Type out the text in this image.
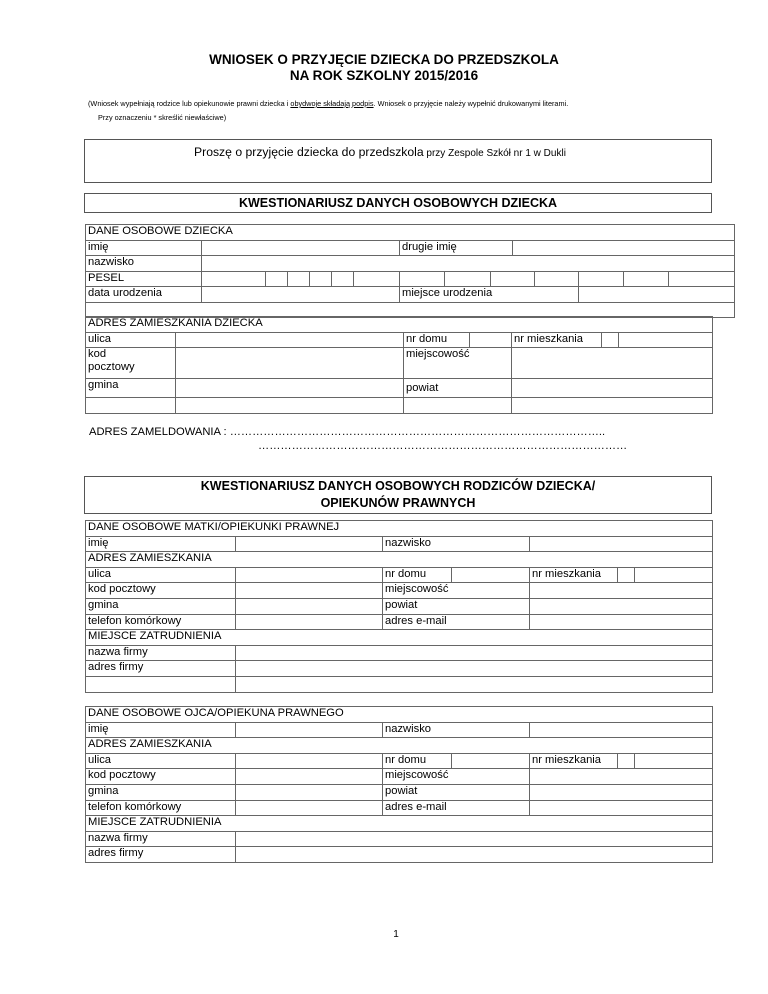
WNIOSEK O PRZYJĘCIE DZIECKA DO PRZEDSZKOLA
NA ROK SZKOLNY 2015/2016
(Wniosek wypełniają rodzice lub opiekunowie prawni dziecka i obydwoje składają podpis. Wniosek o przyjęcie należy wypełnić drukowanymi literami.
Przy oznaczeniu * skreślić niewłaściwe)
Proszę o przyjęcie dziecka do przedszkola przy Zespole Szkół nr 1 w Dukli
KWESTIONARIUSZ DANYCH OSOBOWYCH DZIECKA
DANE OSOBOWE DZIECKA														
imię							drugie imię							
nazwisko														
PESEL														
data urodzenia							miejsce urodzenia							

ADRES ZAMIESZKANIA DZIECKA						
ulica		nr domu		nr mieszkania		
kod
pocztowy		miejscowość				
gmina		powiat				

ADRES ZAMELDOWANIA : ………………………………………………………………………………………..
………………………………………………………………………………………
KWESTIONARIUSZ DANYCH OSOBOWYCH RODZICÓW DZIECKA/
OPIEKUNÓW PRAWNYCH
DANE OSOBOWE MATKI/OPIEKUNKI PRAWNEJ						
imię		nazwisko				
ADRES ZAMIESZKANIA						
ulica		nr domu		nr mieszkania		
kod pocztowy		miejscowość				
gmina		powiat				
telefon komórkowy		adres e-mail				
MIEJSCE ZATRUDNIENIA						
nazwa firmy						
adres firmy						

DANE OSOBOWE OJCA/OPIEKUNA PRAWNEGO						
imię		nazwisko				
ADRES ZAMIESZKANIA						
ulica		nr domu		nr mieszkania		
kod pocztowy		miejscowość				
gmina		powiat				
telefon komórkowy		adres e-mail				
MIEJSCE ZATRUDNIENIA						
nazwa firmy						
adres firmy						
1
